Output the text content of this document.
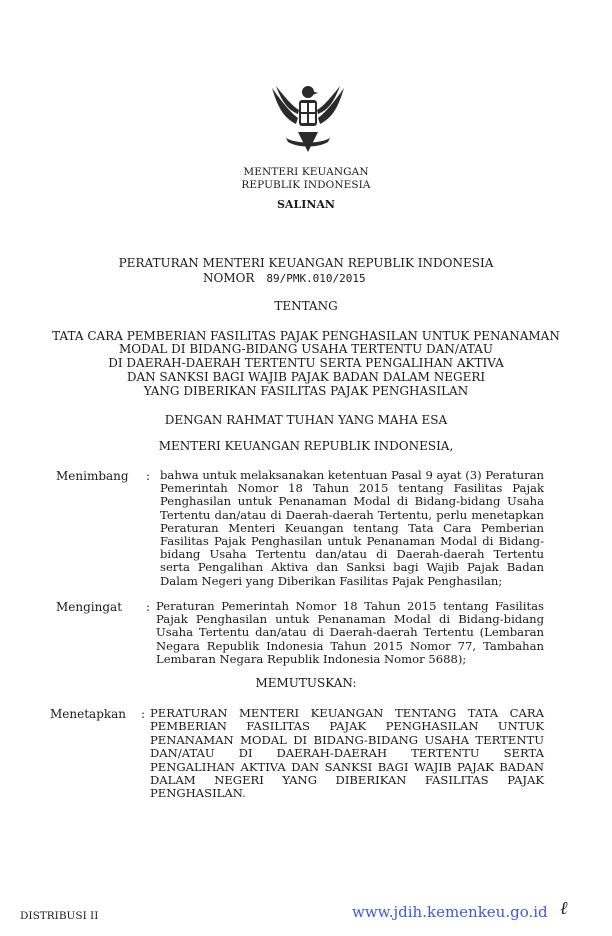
MENTERI KEUANGAN
REPUBLIK INDONESIA
SALINAN
PERATURAN MENTERI KEUANGAN REPUBLIK INDONESIA
NOMOR 89/PMK.010/2015
TENTANG
TATA CARA PEMBERIAN FASILITAS PAJAK PENGHASILAN UNTUK PENANAMAN
MODAL DI BIDANG-BIDANG USAHA TERTENTU DAN/ATAU
DI DAERAH-DAERAH TERTENTU SERTA PENGALIHAN AKTIVA
DAN SANKSI BAGI WAJIB PAJAK BADAN DALAM NEGERI
YANG DIBERIKAN FASILITAS PAJAK PENGHASILAN
DENGAN RAHMAT TUHAN YANG MAHA ESA
MENTERI KEUANGAN REPUBLIK INDONESIA,
Menimbang : bahwa untuk melaksanakan ketentuan Pasal 9 ayat (3) Peraturan Pemerintah Nomor 18 Tahun 2015 tentang Fasilitas Pajak Penghasilan untuk Penanaman Modal di Bidang-bidang Usaha Tertentu dan/atau di Daerah-daerah Tertentu, perlu menetapkan Peraturan Menteri Keuangan tentang Tata Cara Pemberian Fasilitas Pajak Penghasilan untuk Penanaman Modal di Bidang-bidang Usaha Tertentu dan/atau di Daerah-daerah Tertentu serta Pengalihan Aktiva dan Sanksi bagi Wajib Pajak Badan Dalam Negeri yang Diberikan Fasilitas Pajak Penghasilan;
Mengingat : Peraturan Pemerintah Nomor 18 Tahun 2015 tentang Fasilitas Pajak Penghasilan untuk Penanaman Modal di Bidang-bidang Usaha Tertentu dan/atau di Daerah-daerah Tertentu (Lembaran Negara Republik Indonesia Tahun 2015 Nomor 77, Tambahan Lembaran Negara Republik Indonesia Nomor 5688);
MEMUTUSKAN:
Menetapkan : PERATURAN MENTERI KEUANGAN TENTANG TATA CARA PEMBERIAN FASILITAS PAJAK PENGHASILAN UNTUK PENANAMAN MODAL DI BIDANG-BIDANG USAHA TERTENTU DAN/ATAU DI DAERAH-DAERAH TERTENTU SERTA PENGALIHAN AKTIVA DAN SANKSI BAGI WAJIB PAJAK BADAN DALAM NEGERI YANG DIBERIKAN FASILITAS PAJAK PENGHASILAN.
DISTRIBUSI II	www.jdih.kemenkeu.go.id ℓ
